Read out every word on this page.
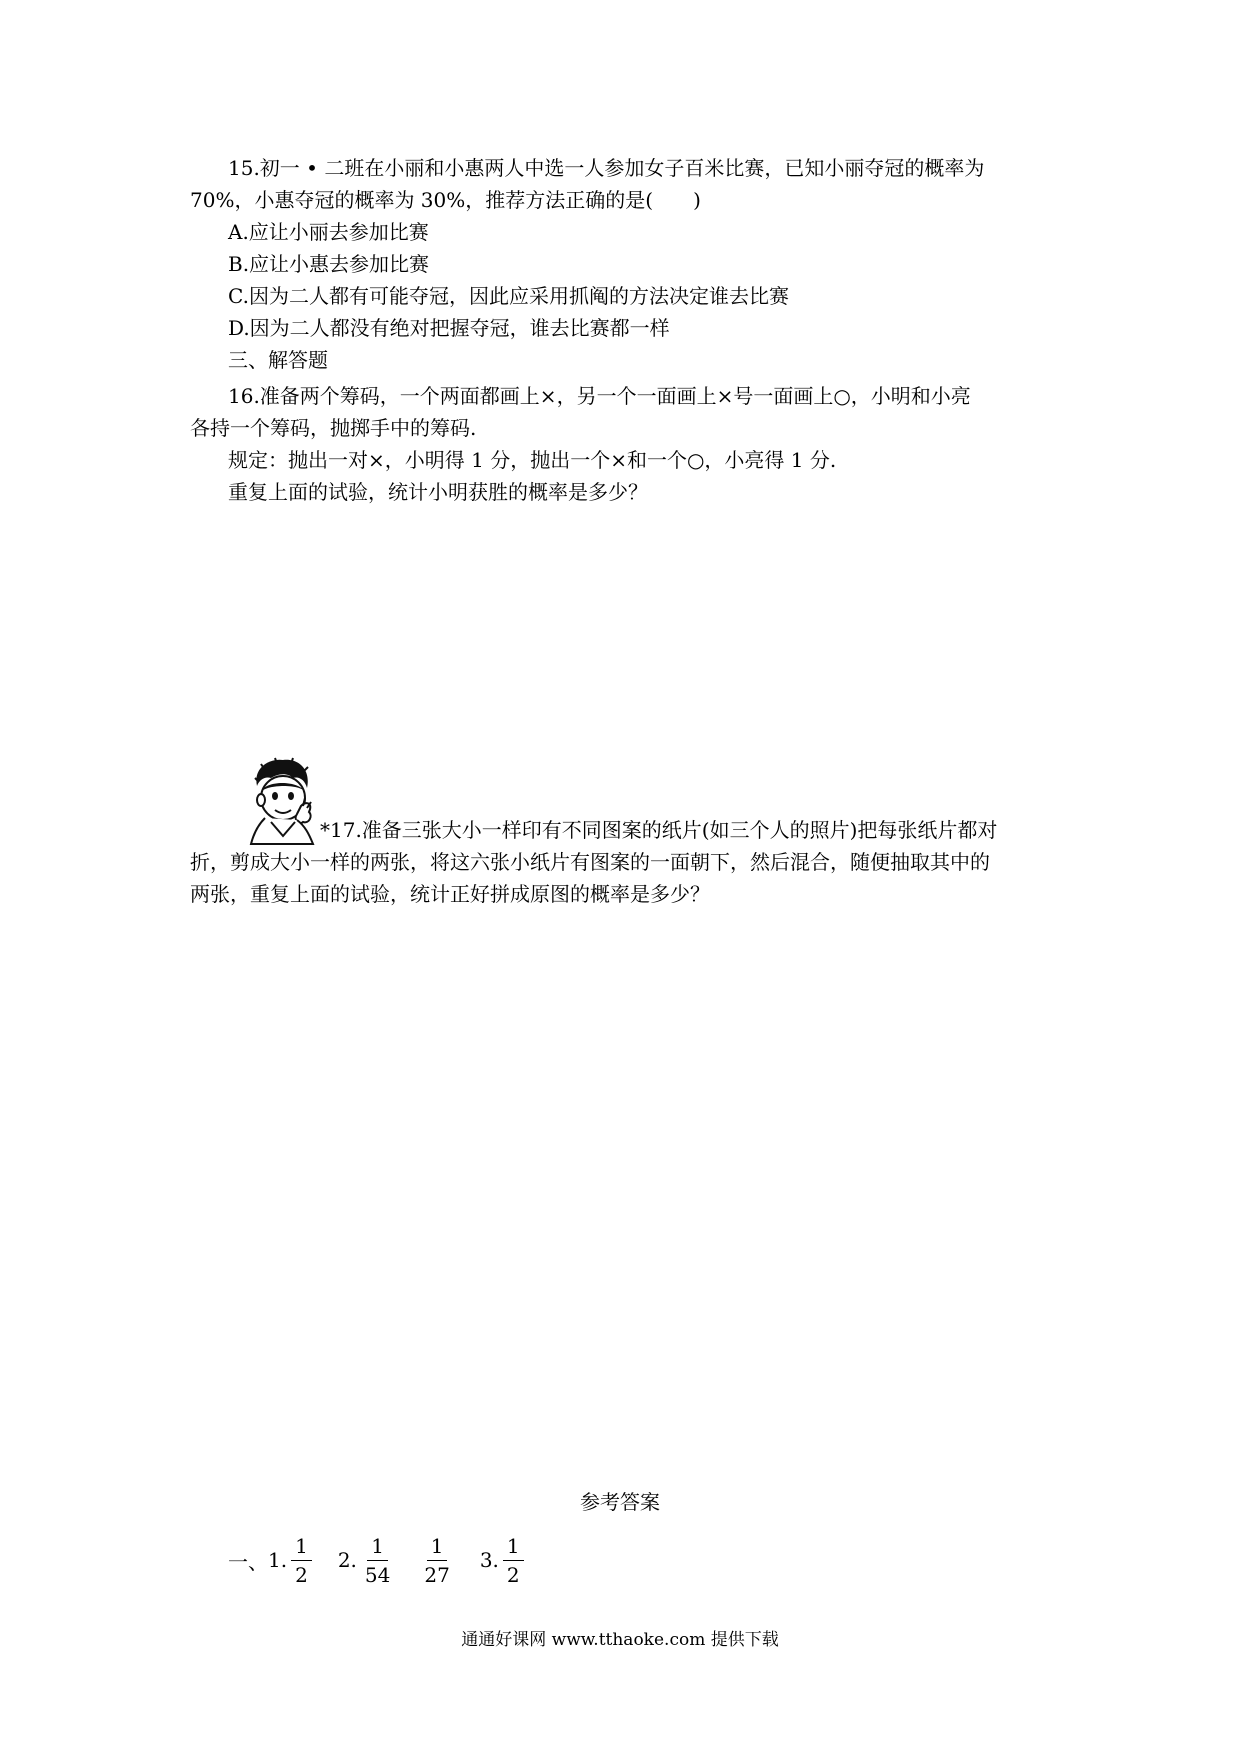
15.初一 • 二班在小丽和小惠两人中选一人参加女子百米比赛，已知小丽夺冠的概率为
70%，小惠夺冠的概率为 30%，推荐方法正确的是(　　)
A.应让小丽去参加比赛
B.应让小惠去参加比赛
C.因为二人都有可能夺冠，因此应采用抓阄的方法决定谁去比赛
D.因为二人都没有绝对把握夺冠，谁去比赛都一样
三、解答题
16.准备两个筹码，一个两面都画上×，另一个一面画上×号一面画上○，小明和小亮
各持一个筹码，抛掷手中的筹码.
规定：抛出一对×，小明得 1 分，抛出一个×和一个○，小亮得 1 分.
重复上面的试验，统计小明获胜的概率是多少？
*17.准备三张大小一样印有不同图案的纸片(如三个人的照片)把每张纸片都对
折，剪成大小一样的两张，将这六张小纸片有图案的一面朝下，然后混合，随便抽取其中的
两张，重复上面的试验，统计正好拼成原图的概率是多少？
参考答案
一、 1. $\frac{1}{2} 2$. $\frac{1}{54} \frac{1}{27} 3$. $\frac{1}{2}$
通通好课网 www.tthaoke.com 提供下载
